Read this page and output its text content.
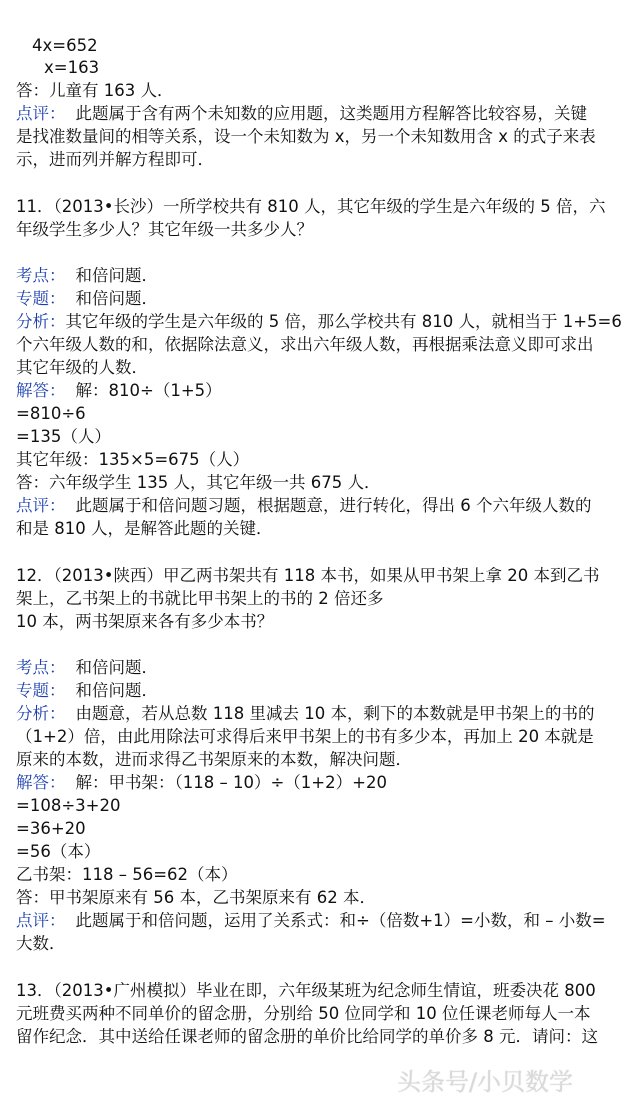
4x=652
x=163
答：儿童有 163 人．
点评： 此题属于含有两个未知数的应用题，这类题用方程解答比较容易，关键
是找准数量间的相等关系，设一个未知数为 x，另一个未知数用含 x 的式子来表
示，进而列并解方程即可．
11．（2013•长沙）一所学校共有 810 人，其它年级的学生是六年级的 5 倍，六
年级学生多少人？其它年级一共多少人？
考点： 和倍问题．
专题： 和倍问题．
分析：其它年级的学生是六年级的 5 倍，那么学校共有 810 人，就相当于 1+5=6
个六年级人数的和，依据除法意义，求出六年级人数，再根据乘法意义即可求出
其它年级的人数．
解答： 解：810÷（1+5）
=810÷6
=135（人）
其它年级：135×5=675（人）
答：六年级学生 135 人，其它年级一共 675 人．
点评： 此题属于和倍问题习题，根据题意，进行转化，得出 6 个六年级人数的
和是 810 人，是解答此题的关键．
12．（2013•陕西）甲乙两书架共有 118 本书，如果从甲书架上拿 20 本到乙书
架上，乙书架上的书就比甲书架上的书的 2 倍还多
10 本，两书架原来各有多少本书？
考点： 和倍问题．
专题： 和倍问题．
分析： 由题意，若从总数 118 里减去 10 本，剩下的本数就是甲书架上的书的
（1+2）倍，由此用除法可求得后来甲书架上的书有多少本，再加上 20 本就是
原来的本数，进而求得乙书架原来的本数，解决问题．
解答： 解：甲书架：（118 – 10）÷（1+2）+20
=108÷3+20
=36+20
=56（本）
乙书架：118 – 56=62（本）
答：甲书架原来有 56 本，乙书架原来有 62 本．
点评： 此题属于和倍问题，运用了关系式：和÷（倍数+1）=小数，和 – 小数=
大数．
13．（2013•广州模拟）毕业在即，六年级某班为纪念师生情谊，班委决花 800
元班费买两种不同单价的留念册，分别给 50 位同学和 10 位任课老师每人一本
留作纪念．其中送给任课老师的留念册的单价比给同学的单价多 8 元．请问：这
头条号/小贝数学
